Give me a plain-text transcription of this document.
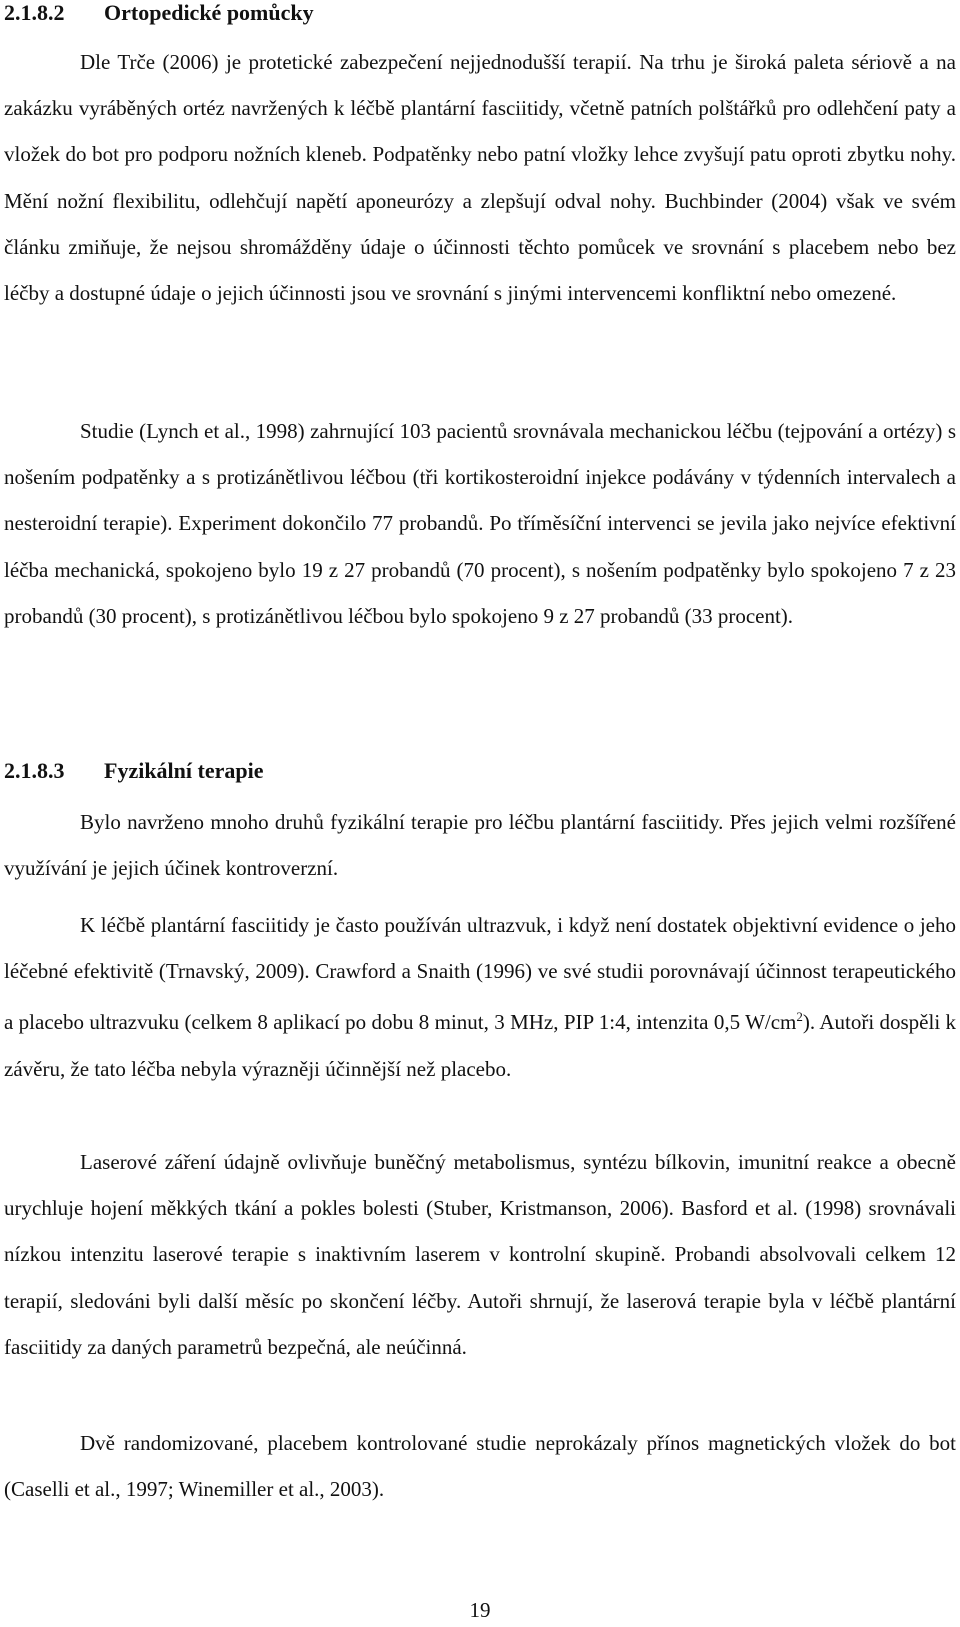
2.1.8.2 Ortopedické pomůcky

Dle Trče (2006) je protetické zabezpečení nejjednodušší terapií. Na trhu je široká paleta sériově a na zakázku vyráběných ortéz navržených k léčbě plantární fasciitidy, včetně patních polštářků pro odlehčení paty a vložek do bot pro podporu nožních kleneb. Podpatěnky nebo patní vložky lehce zvyšují patu oproti zbytku nohy. Mění nožní flexibilitu, odlehčují napětí aponeurózy a zlepšují odval nohy. Buchbinder (2004) však ve svém článku zmiňuje, že nejsou shromážděny údaje o účinnosti těchto pomůcek ve srovnání s placebem nebo bez léčby a dostupné údaje o jejich účinnosti jsou ve srovnání s jinými intervencemi konfliktní nebo omezené.

Studie (Lynch et al., 1998) zahrnující 103 pacientů srovnávala mechanickou léčbu (tejpování a ortézy) s nošením podpatěnky a s protizánětlivou léčbou (tři kortikosteroidní injekce podávány v týdenních intervalech a nesteroidní terapie). Experiment dokončilo 77 probandů. Po tříměsíční intervenci se jevila jako nejvíce efektivní léčba mechanická, spokojeno bylo 19 z 27 probandů (70 procent), s nošením podpatěnky bylo spokojeno 7 z 23 probandů (30 procent), s protizánětlivou léčbou bylo spokojeno 9 z 27 probandů (33 procent).

2.1.8.3 Fyzikální terapie

Bylo navrženo mnoho druhů fyzikální terapie pro léčbu plantární fasciitidy. Přes jejich velmi rozšířené využívání je jejich účinek kontroverzní.

K léčbě plantární fasciitidy je často používán ultrazvuk, i když není dostatek objektivní evidence o jeho léčebné efektivitě (Trnavský, 2009). Crawford a Snaith (1996) ve své studii porovnávají účinnost terapeutického a placebo ultrazvuku (celkem 8 aplikací po dobu 8 minut, 3 MHz, PIP 1:4, intenzita 0,5 $W/cm^2$). Autoři dospěli k závěru, že tato léčba nebyla výrazněji účinnější než placebo.

Laserové záření údajně ovlivňuje buněčný metabolismus, syntézu bílkovin, imunitní reakce a obecně urychluje hojení měkkých tkání a pokles bolesti (Stuber, Kristmanson, 2006). Basford et al. (1998) srovnávali nízkou intenzitu laserové terapie s inaktivním laserem v kontrolní skupině. Probandi absolvovali celkem 12 terapií, sledováni byli další měsíc po skončení léčby. Autoři shrnují, že laserová terapie byla v léčbě plantární fasciitidy za daných parametrů bezpečná, ale neúčinná.

Dvě randomizované, placebem kontrolované studie neprokázaly přínos magnetických vložek do bot (Caselli et al., 1997; Winemiller et al., 2003).

19
